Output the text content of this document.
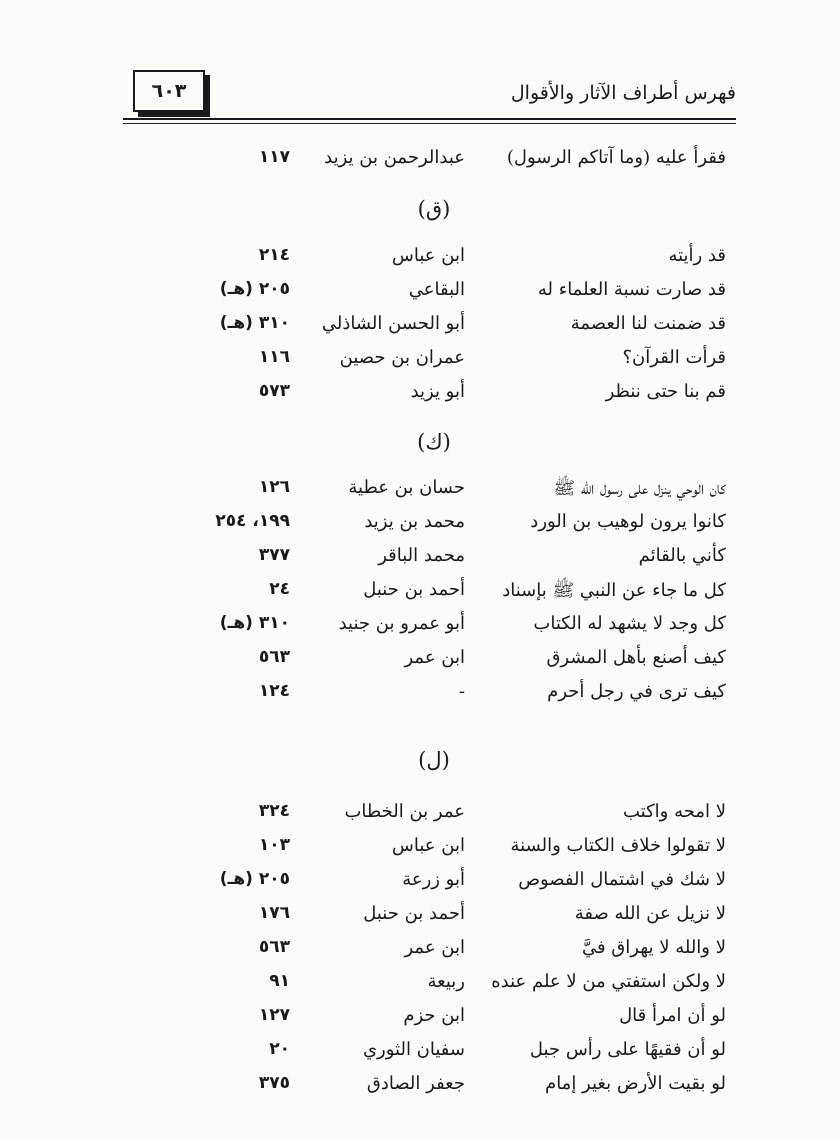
٦٠٣	فهرس أطراف الآثار والأقوال
فقرأ عليه (وما آتاكم الرسول)
عبدالرحمن بن يزيد
١١٧
(ق)
قد رأيته
ابن عباس
٢١٤
قد صارت نسبة العلماء له
البقاعي
٢٠٥ (هـ)
قد ضمنت لنا العصمة
أبو الحسن الشاذلي
٣١٠ (هـ)
قرأت القرآن؟
عمران بن حصين
١١٦
قم بنا حتى ننظر
أبو يزيد
٥٧٣
(ك)
كان الوحي ينزل على رسول الله ﷺ
حسان بن عطية
١٢٦
كانوا يرون لوهيب بن الورد
محمد بن يزيد
١٩٩، ٢٥٤
كأني بالقائم
محمد الباقر
٣٧٧
كل ما جاء عن النبي ﷺ بإسناد
أحمد بن حنبل
٢٤
كل وجد لا يشهد له الكتاب
أبو عمرو بن جنيد
٣١٠ (هـ)
كيف أصنع بأهل المشرق
ابن عمر
٥٦٣
كيف ترى في رجل أحرم
-
١٢٤
(ل)
لا امحه واكتب
عمر بن الخطاب
٣٢٤
لا تقولوا خلاف الكتاب والسنة
ابن عباس
١٠٣
لا شك في اشتمال الفصوص
أبو زرعة
٢٠٥ (هـ)
لا نزيل عن الله صفة
أحمد بن حنبل
١٧٦
لا والله لا يهراق فيَّ
ابن عمر
٥٦٣
لا ولكن استفتي من لا علم عنده
ربيعة
٩١
لو أن امرأ قال
ابن حزم
١٢٧
لو أن فقيهًا على رأس جبل
سفيان الثوري
٢٠
لو بقيت الأرض بغير إمام
جعفر الصادق
٣٧٥
